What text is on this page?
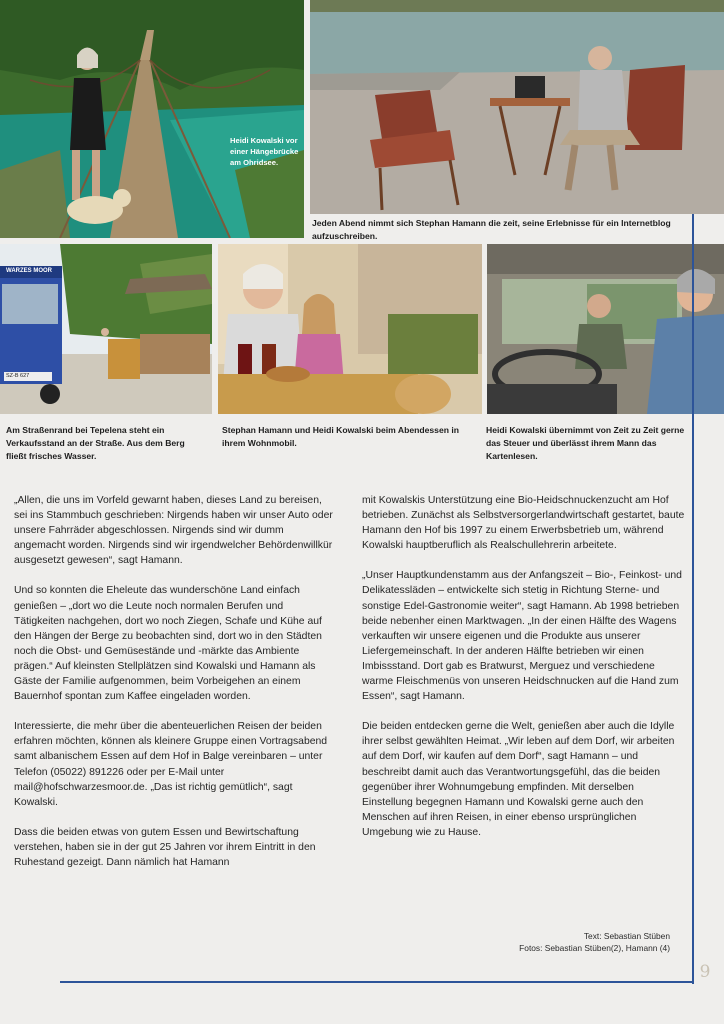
Heidi Kowalski vor einer Hängebrücke am Ohridsee.
Jeden Abend nimmt sich Stephan Hamann die zeit, seine Erlebnisse für ein Internetblog aufzuschreiben.
WARZES MOOR
SZ-B 627
Am Straßenrand bei Tepelena steht ein Verkaufsstand an der Straße. Aus dem Berg fließt frisches Wasser.
Stephan Hamann und Heidi Kowalski beim Abendessen in ihrem Wohnmobil.
Heidi Kowalski übernimmt von Zeit zu Zeit gerne das Steuer und überlässt ihrem Mann das Kartenlesen.

„Allen, die uns im Vorfeld gewarnt haben, dieses Land zu bereisen, sei ins Stammbuch geschrieben: Nirgends haben wir unser Auto oder unsere Fahrräder abgeschlossen. Nirgends sind wir dumm angemacht worden. Nirgends sind wir irgendwelcher Behördenwillkür ausgesetzt gewesen“, sagt Hamann.

Und so konnten die Eheleute das wunderschöne Land einfach genießen – „dort wo die Leute noch normalen Berufen und Tätigkeiten nachgehen, dort wo noch Ziegen, Schafe und Kühe auf den Hängen der Berge zu beobachten sind, dort wo in den Städten noch die Obst- und Gemüsestände und -märkte das Ambiente prägen.“ Auf kleinsten Stellplätzen sind Kowalski und Hamann als Gäste der Familie aufgenommen, beim Vorbeigehen an einem Bauernhof spontan zum Kaffee eingeladen worden.

Interessierte, die mehr über die abenteuerlichen Reisen der beiden erfahren möchten, können als kleinere Gruppe einen Vortragsabend samt albanischem Essen auf dem Hof in Balge vereinbaren – unter Telefon (05022) 891226 oder per E-Mail unter mail@hofschwarzesmoor.de. „Das ist richtig gemütlich“, sagt Kowalski.

Dass die beiden etwas von gutem Essen und Bewirtschaftung verstehen, haben sie in der gut 25 Jahren vor ihrem Eintritt in den Ruhestand gezeigt. Dann nämlich hat Hamann

mit Kowalskis Unterstützung eine Bio-Heidschnuckenzucht am Hof betrieben. Zunächst als Selbstversorgerlandwirtschaft gestartet, baute Hamann den Hof bis 1997 zu einem Erwerbsbetrieb um, während Kowalski hauptberuflich als Realschullehrerin arbeitete.

„Unser Hauptkundenstamm aus der Anfangszeit – Bio-, Feinkost- und Delikatessläden – entwickelte sich stetig in Richtung Sterne- und sonstige Edel-Gastronomie weiter“, sagt Hamann. Ab 1998 betrieben beide nebenher einen Marktwagen. „In der einen Hälfte des Wagens verkauften wir unsere eigenen und die Produkte aus unserer Liefergemeinschaft. In der anderen Hälfte betrieben wir einen Imbissstand. Dort gab es Bratwurst, Merguez und verschiedene warme Fleischmenüs von unseren Heidschnucken auf die Hand zum Essen“, sagt Hamann.

Die beiden entdecken gerne die Welt, genießen aber auch die Idylle ihrer selbst gewählten Heimat. „Wir leben auf dem Dorf, wir arbeiten auf dem Dorf, wir kaufen auf dem Dorf“, sagt Hamann – und beschreibt damit auch das Verantwortungsgefühl, das die beiden gegenüber ihrer Wohnumgebung empfinden. Mit derselben Einstellung begegnen Hamann und Kowalski gerne auch den Menschen auf ihren Reisen, in einer ebenso ursprünglichen Umgebung wie zu Hause.

Text: Sebastian Stüben
Fotos: Sebastian Stüben(2), Hamann (4)
9
